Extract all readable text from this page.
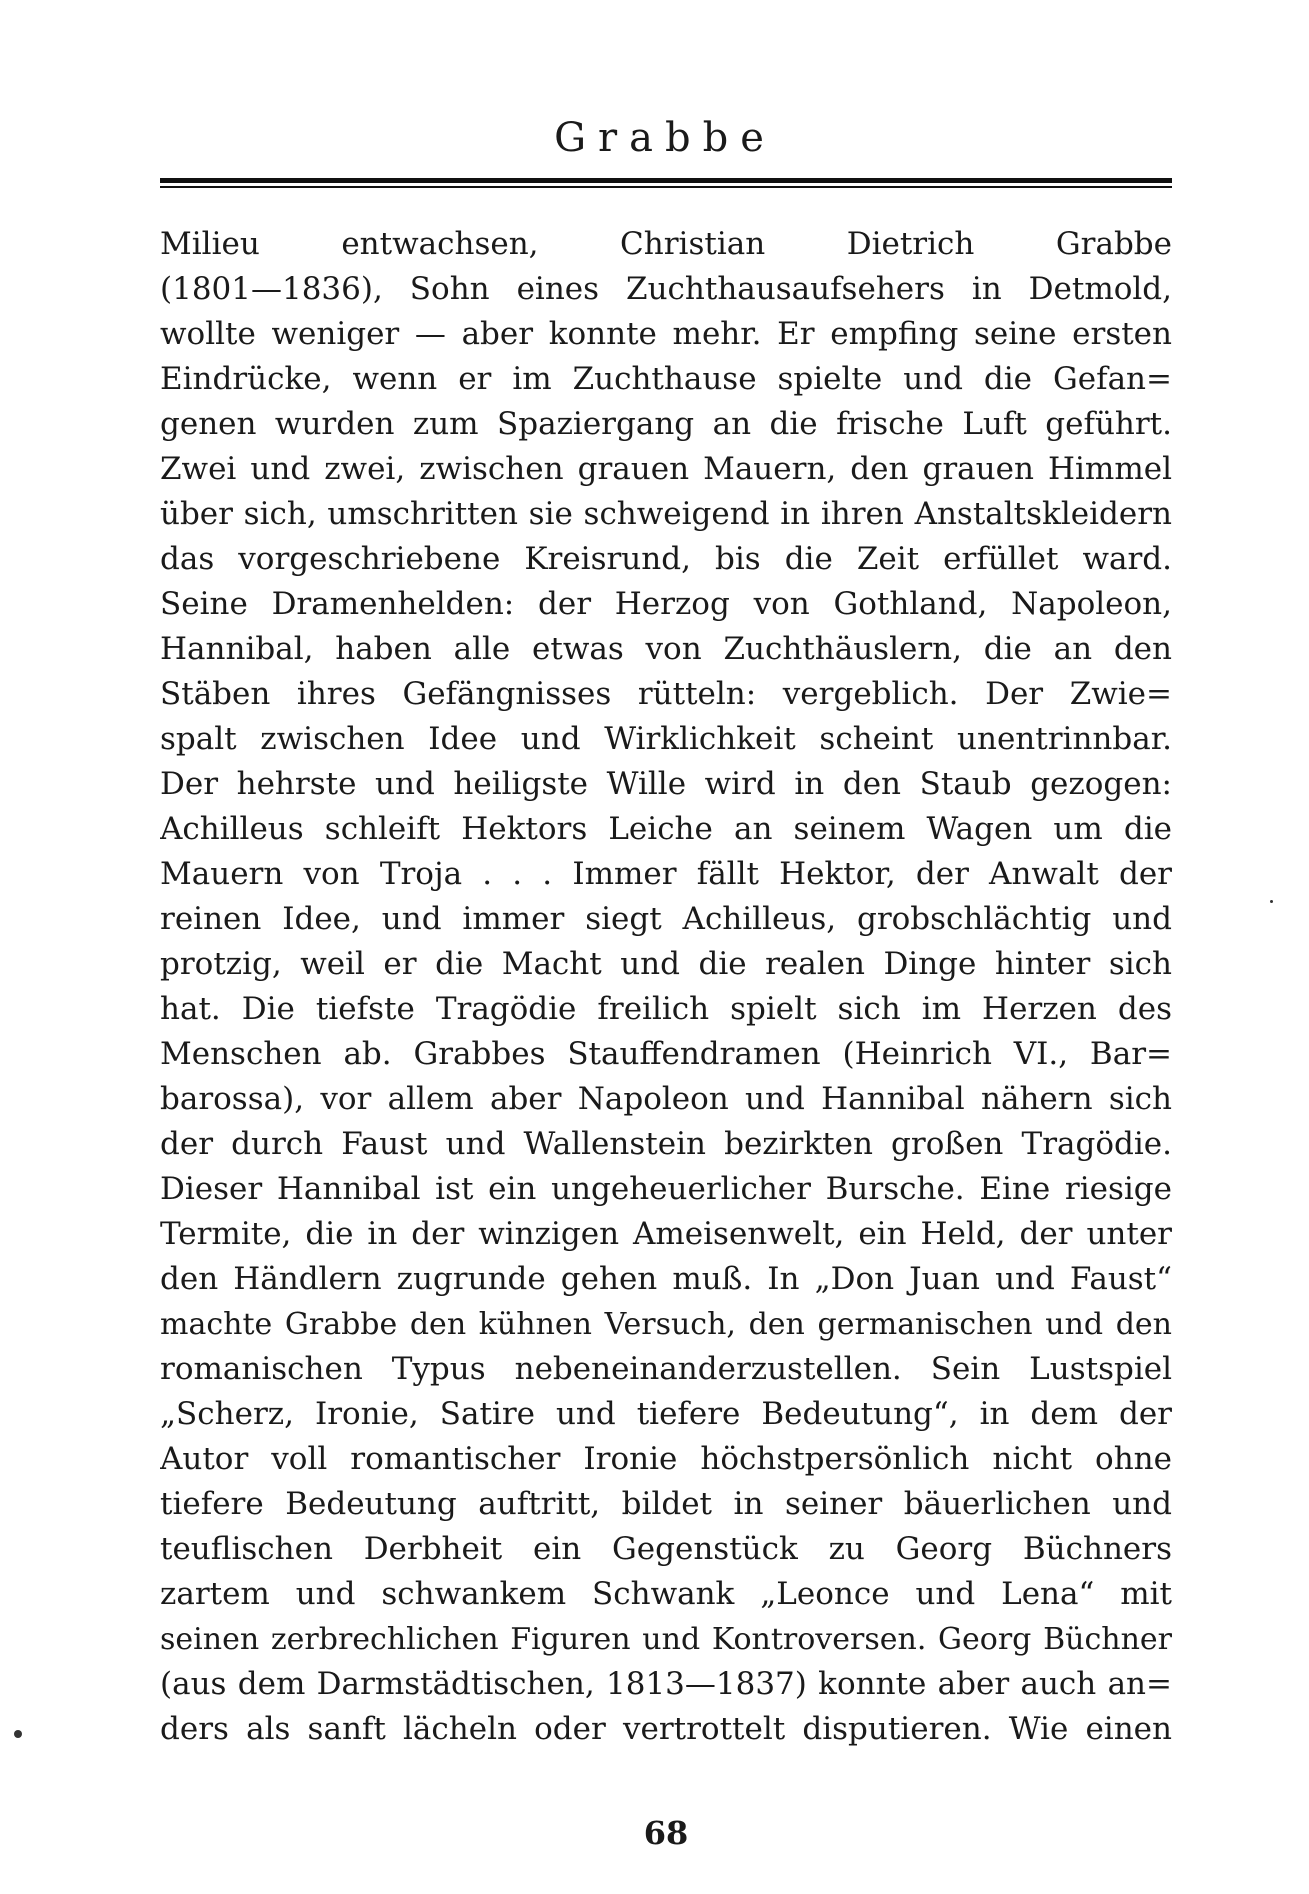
Grabbe
Milieu entwachsen, Christian Dietrich Grabbe
(1801—1836), Sohn eines Zuchthausaufsehers in Detmold,
wollte weniger — aber konnte mehr. Er empfing seine ersten
Eindrücke, wenn er im Zuchthause spielte und die Gefan=
genen wurden zum Spaziergang an die frische Luft geführt.
Zwei und zwei, zwischen grauen Mauern, den grauen Himmel
über sich, umschritten sie schweigend in ihren Anstaltskleidern
das vorgeschriebene Kreisrund, bis die Zeit erfüllet ward.
Seine Dramenhelden: der Herzog von Gothland, Napoleon,
Hannibal, haben alle etwas von Zuchthäuslern, die an den
Stäben ihres Gefängnisses rütteln: vergeblich. Der Zwie=
spalt zwischen Idee und Wirklichkeit scheint unentrinnbar.
Der hehrste und heiligste Wille wird in den Staub gezogen:
Achilleus schleift Hektors Leiche an seinem Wagen um die
Mauern von Troja . . . Immer fällt Hektor, der Anwalt der
reinen Idee, und immer siegt Achilleus, grobschlächtig und
protzig, weil er die Macht und die realen Dinge hinter sich
hat. Die tiefste Tragödie freilich spielt sich im Herzen des
Menschen ab. Grabbes Stauffendramen (Heinrich VI., Bar=
barossa), vor allem aber Napoleon und Hannibal nähern sich
der durch Faust und Wallenstein bezirkten großen Tragödie.
Dieser Hannibal ist ein ungeheuerlicher Bursche. Eine riesige
Termite, die in der winzigen Ameisenwelt, ein Held, der unter
den Händlern zugrunde gehen muß. In „Don Juan und Faust“
machte Grabbe den kühnen Versuch, den germanischen und den
romanischen Typus nebeneinanderzustellen. Sein Lustspiel
„Scherz, Ironie, Satire und tiefere Bedeutung“, in dem der
Autor voll romantischer Ironie höchstpersönlich nicht ohne
tiefere Bedeutung auftritt, bildet in seiner bäuerlichen und
teuflischen Derbheit ein Gegenstück zu Georg Büchners
zartem und schwankem Schwank „Leonce und Lena“ mit
seinen zerbrechlichen Figuren und Kontroversen. Georg Büchner
(aus dem Darmstädtischen, 1813—1837) konnte aber auch an=
ders als sanft lächeln oder vertrottelt disputieren. Wie einen
68
